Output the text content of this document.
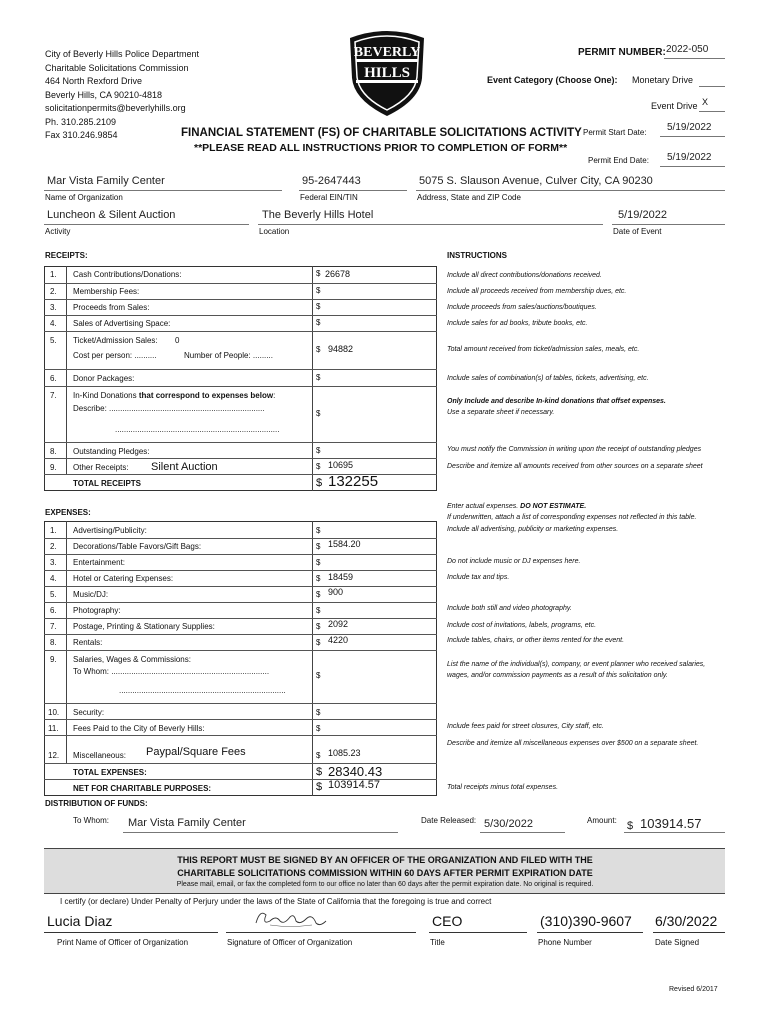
City of Beverly Hills Police Department
Charitable Solicitations Commission
464 North Rexford Drive
Beverly Hills, CA 90210-4818
solicitationpermits@beverlyhills.org
Ph. 310.285.2109
Fax 310.246.9854
BEVERLY
HILLS
PERMIT NUMBER: 2022-050
Event Category (Choose One): Monetary Drive
Event Drive X
FINANCIAL STATEMENT (FS) OF CHARITABLE SOLICITATIONS ACTIVITY Permit Start Date: 5/19/2022
**PLEASE READ ALL INSTRUCTIONS PRIOR TO COMPLETION OF FORM**
Permit End Date: 5/19/2022
Mar Vista Family Center
Name of Organization
95-2647443
Federal EIN/TIN
5075 S. Slauson Avenue, Culver City, CA 90230
Address, State and ZIP Code
Luncheon & Silent Auction
Activity
The Beverly Hills Hotel
Location
5/19/2022
Date of Event
RECEIPTS:	INSTRUCTIONS
1. Cash Contributions/Donations:	$ 26678	Include all direct contributions/donations received.
2. Membership Fees:	$	Include all proceeds received from membership dues, etc.
3. Proceeds from Sales:	$	Include proceeds from sales/auctions/boutiques.
4. Sales of Advertising Space:	$	Include sales for ad books, tribute books, etc.
5. Ticket/Admission Sales: 0
Cost per person: ..........	Number of People: .........
$ 94882	Total amount received from ticket/admission sales, meals, etc.
6. Donor Packages:	$	Include sales of combination(s) of tables, tickets, advertising, etc.
7. In-Kind Donations that correspond to expenses below:
Describe: ......................................................................
..........................................................................
$
Only Include and describe In-kind donations that offset expenses.
Use a separate sheet if necessary.
8. Outstanding Pledges:	$	You must notify the Commission in writing upon the receipt of outstanding pledges
9. Other Receipts: Silent Auction	$ 10695	Describe and itemize all amounts received from other sources on a separate sheet
TOTAL RECEIPTS	$ 132255
EXPENSES:
Enter actual expenses. DO NOT ESTIMATE.
If underwritten, attach a list of corresponding expenses not reflected in this table.
1. Advertising/Publicity:	$	Include all advertising, publicity or marketing expenses.
2. Decorations/Table Favors/Gift Bags:	$ 1584.20
3. Entertainment:	$	Do not include music or DJ expenses here.
4. Hotel or Catering Expenses:	$ 18459	Include tax and tips.
5. Music/DJ:	$ 900
6. Photography:	$	Include both still and video photography.
7. Postage, Printing & Stationary Supplies:	$ 2092	Include cost of invitations, labels, programs, etc.
8. Rentals:	$ 4220	Include tables, chairs, or other items rented for the event.
9. Salaries, Wages & Commissions:
To Whom: .......................................................................
...........................................................................
$
List the name of the individual(s), company, or event planner who received salaries, wages, and/or commission payments as a result of this solicitation only.
10. Security:	$
11. Fees Paid to the City of Beverly Hills:	$	Include fees paid for street closures, City staff, etc.
12. Miscellaneous: Paypal/Square Fees	$ 1085.23
Describe and itemize all miscellaneous expenses over $500 on a separate sheet.
TOTAL EXPENSES:	$ 28340.43
NET FOR CHARITABLE PURPOSES:	$ 103914.57	Total receipts minus total expenses.
DISTRIBUTION OF FUNDS:
To Whom: Mar Vista Family Center	Date Released: 5/30/2022	Amount: $ 103914.57
THIS REPORT MUST BE SIGNED BY AN OFFICER OF THE ORGANIZATION AND FILED WITH THE
CHARITABLE SOLICITATIONS COMMISSION WITHIN 60 DAYS AFTER PERMIT EXPIRATION DATE
Please mail, email, or fax the completed form to our office no later than 60 days after the permit expiration date. No original is required.
I certify (or declare) Under Penalty of Perjury under the laws of the State of California that the foregoing is true and correct
Lucia Diaz
Print Name of Officer of Organization	Signature of Officer of Organization
CEO
Title
(310)390-9607
Phone Number
6/30/2022
Date Signed
Revised 6/2017
